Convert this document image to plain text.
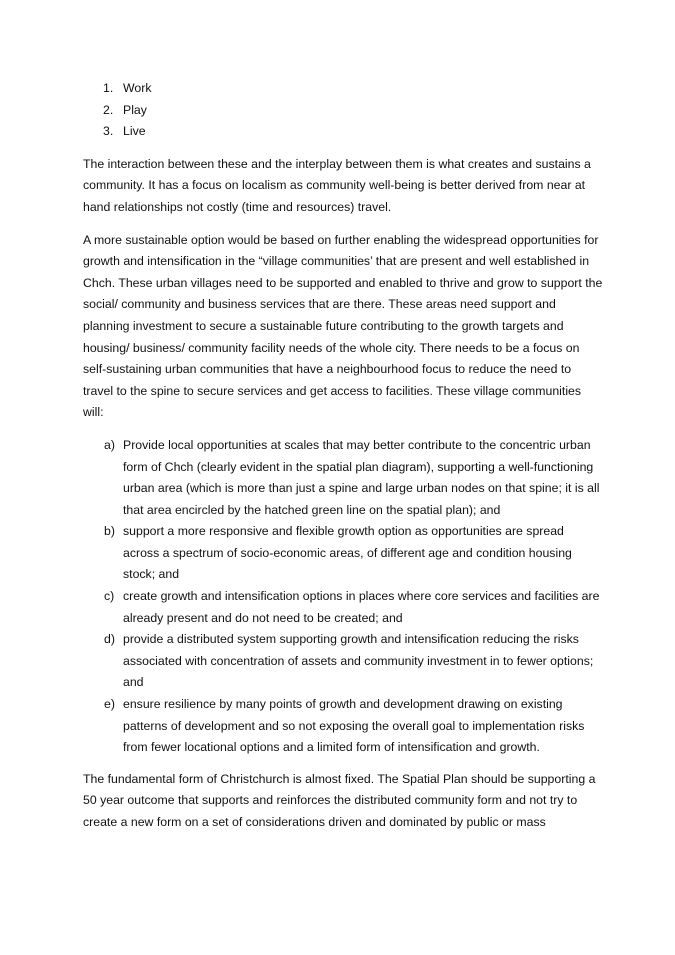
1. Work
2. Play
3. Live

The interaction between these and the interplay between them is what creates and sustains a community. It has a focus on localism as community well-being is better derived from near at hand relationships not costly (time and resources) travel.

A more sustainable option would be based on further enabling the widespread opportunities for growth and intensification in the “village communities’ that are present and well established in Chch. These urban villages need to be supported and enabled to thrive and grow to support the social/ community and business services that are there. These areas need support and planning investment to secure a sustainable future contributing to the growth targets and housing/ business/ community facility needs of the whole city. There needs to be a focus on self-sustaining urban communities that have a neighbourhood focus to reduce the need to travel to the spine to secure services and get access to facilities. These village communities will:

a) Provide local opportunities at scales that may better contribute to the concentric urban form of Chch (clearly evident in the spatial plan diagram), supporting a well-functioning urban area (which is more than just a spine and large urban nodes on that spine; it is all that area encircled by the hatched green line on the spatial plan); and
b) support a more responsive and flexible growth option as opportunities are spread across a spectrum of socio-economic areas, of different age and condition housing stock; and
c) create growth and intensification options in places where core services and facilities are already present and do not need to be created; and
d) provide a distributed system supporting growth and intensification reducing the risks associated with concentration of assets and community investment in to fewer options; and
e) ensure resilience by many points of growth and development drawing on existing patterns of development and so not exposing the overall goal to implementation risks from fewer locational options and a limited form of intensification and growth.

The fundamental form of Christchurch is almost fixed. The Spatial Plan should be supporting a 50 year outcome that supports and reinforces the distributed community form and not try to create a new form on a set of considerations driven and dominated by public or mass
